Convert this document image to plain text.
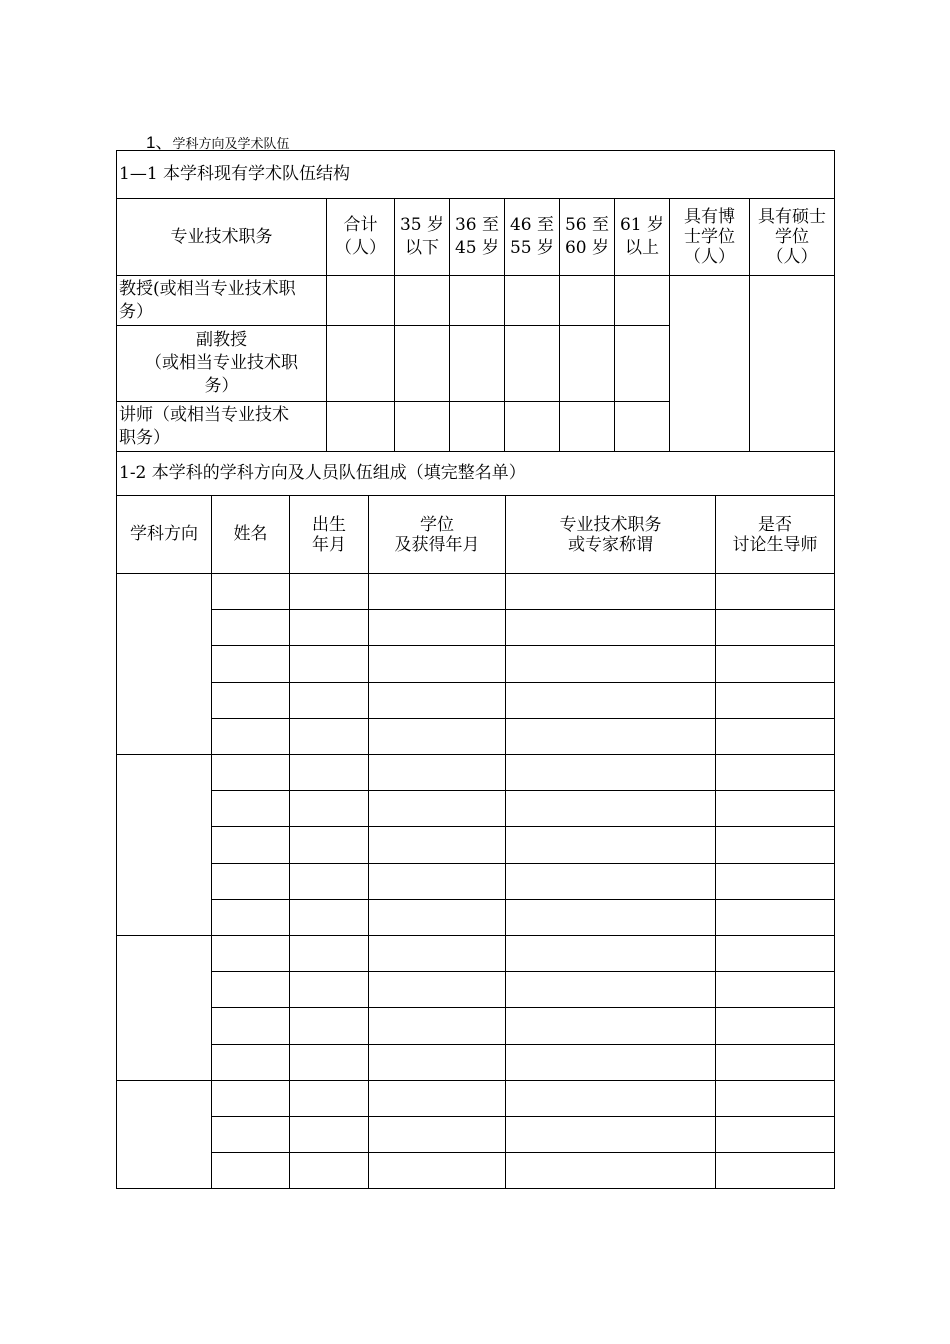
1、学科方向及学术队伍
1—1 本学科现有学术队伍结构
专业技术职务
合计
（人）
35 岁
以下
36 至
45 岁
46 至
55 岁
56 至
60 岁
61 岁
以上
具有博
士学位
（人）
具有硕士
学位
（人）
教授(或相当专业技术职
务）
副教授
（或相当专业技术职
务）
讲师（或相当专业技术
职务）
1-2 本学科的学科方向及人员队伍组成（填完整名单）
学科方向	姓名	出生
年月
学位
及获得年月
专业技术职务
或专家称谓
是否
讨论生导师
